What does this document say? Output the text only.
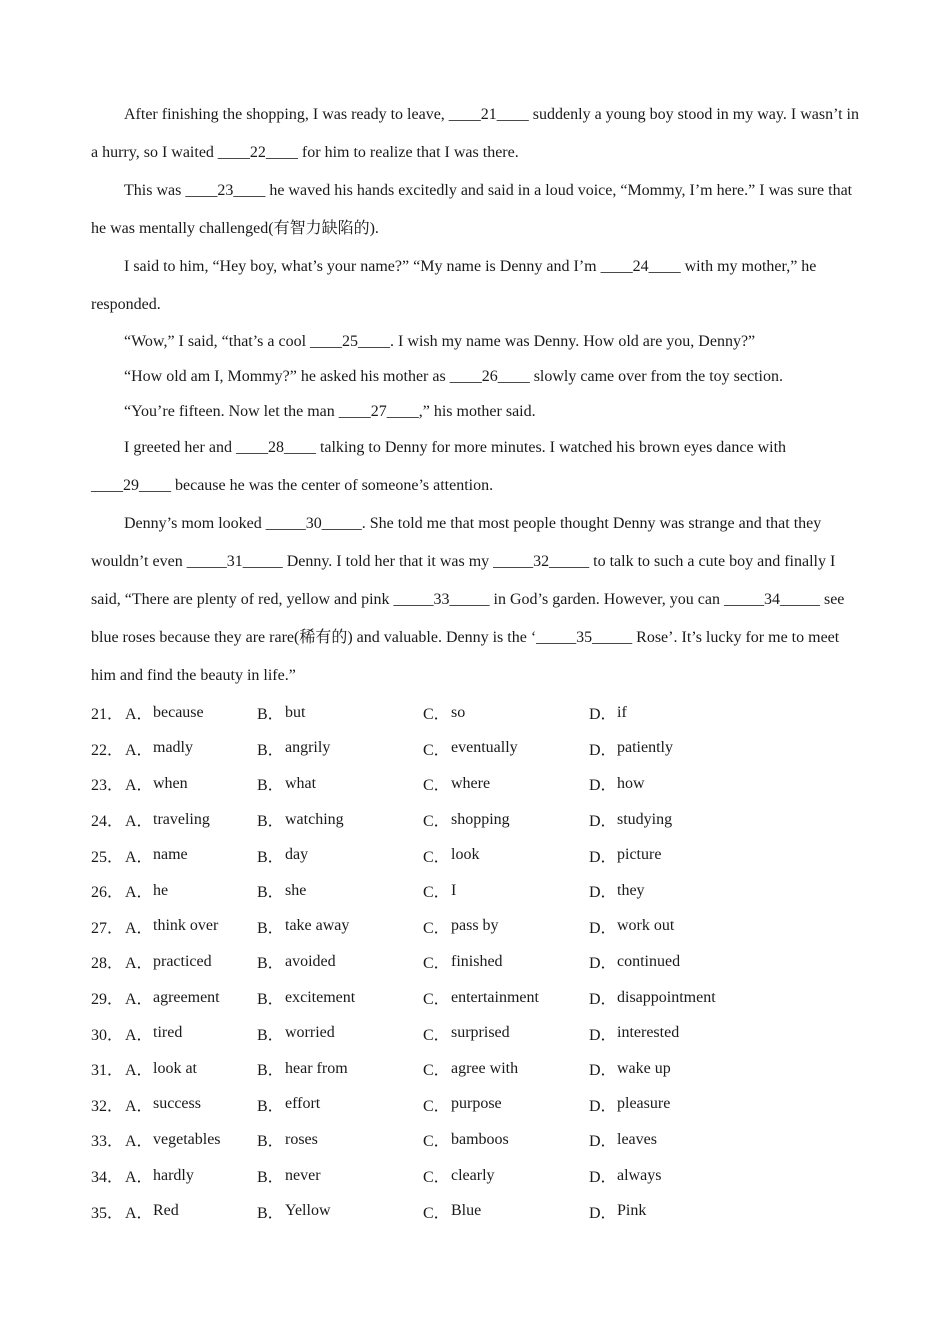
After finishing the shopping, I was ready to leave, ____21____ suddenly a young boy stood in my way. I wasn’t in a hurry, so I waited ____22____ for him to realize that I was there.

This was ____23____ he waved his hands excitedly and said in a loud voice, “Mommy, I’m here.” I was sure that he was mentally challenged(有智力缺陷的).

I said to him, “Hey boy, what’s your name?” “My name is Denny and I’m ____24____ with my mother,” he responded.

“Wow,” I said, “that’s a cool ____25____. I wish my name was Denny. How old are you, Denny?”

“How old am I, Mommy?” he asked his mother as ____26____ slowly came over from the toy section.

“You’re fifteen. Now let the man ____27____,” his mother said.

I greeted her and ____28____ talking to Denny for more minutes. I watched his brown eyes dance with ____29____ because he was the center of someone’s attention.

Denny’s mom looked _____30_____. She told me that most people thought Denny was strange and that they wouldn’t even _____31_____ Denny. I told her that it was my _____32_____ to talk to such a cute boy and finally I said, “There are plenty of red, yellow and pink _____33_____ in God’s garden. However, you can _____34_____ see blue roses because they are rare(稀有的) and valuable. Denny is the ‘_____35_____ Rose’. It’s lucky for me to meet him and find the beauty in life.”

21． A． because	B． but	C． so	D． if
22． A． madly	B． angrily	C． eventually	D． patiently
23． A． when	B． what	C． where	D． how
24． A． traveling	B． watching	C． shopping	D． studying
25． A． name	B． day	C． look	D． picture
26． A． he	B． she	C． I	D． they
27． A． think over B． take away	C． pass by	D． work out
28． A． practiced	B． avoided	C． finished	D． continued
29． A． agreement B． excitement	C． entertainment	D． disappointment
30． A． tired	B． worried	C． surprised	D． interested
31． A． look at	B． hear from	C． agree with	D． wake up
32． A． success	B． effort	C． purpose	D． pleasure
33． A． vegetables B． roses	C． bamboos	D． leaves
34． A． hardly	B． never	C． clearly	D． always
35． A． Red	B． Yellow	C． Blue	D． Pink
